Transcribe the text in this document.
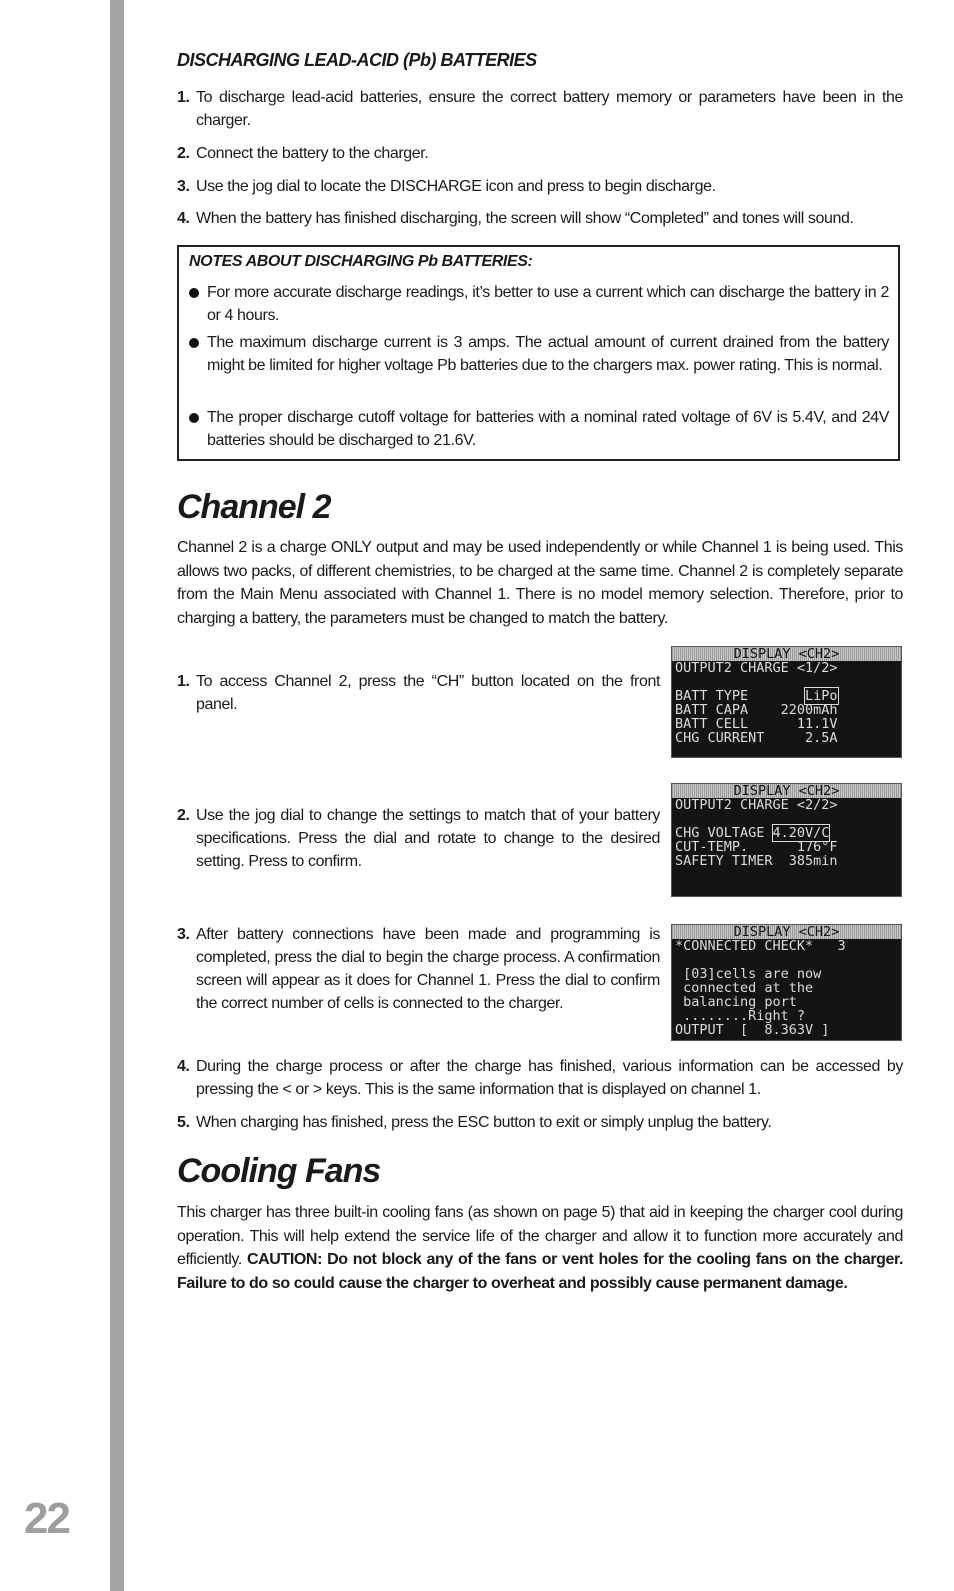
22
DISCHARGING LEAD-ACID (Pb) BATTERIES
1. To discharge lead-acid batteries, ensure the correct battery memory or parameters have been in the charger.
2. Connect the battery to the charger.
3. Use the jog dial to locate the DISCHARGE icon and press to begin discharge.
4. When the battery has finished discharging, the screen will show “Completed” and tones will sound.
NOTES ABOUT DISCHARGING Pb BATTERIES:
For more accurate discharge readings, it’s better to use a current which can discharge the battery in 2 or 4 hours.
The maximum discharge current is 3 amps. The actual amount of current drained from the battery might be limited for higher voltage Pb batteries due to the chargers max. power rating. This is normal.
The proper discharge cutoff voltage for batteries with a nominal rated voltage of 6V is 5.4V, and 24V batteries should be discharged to 21.6V.
Channel 2
Channel 2 is a charge ONLY output and may be used independently or while Channel 1 is being used. This allows two packs, of different chemistries, to be charged at the same time. Channel 2 is completely separate from the Main Menu associated with Channel 1. There is no model memory selection. Therefore, prior to charging a battery, the parameters must be changed to match the battery.
1. To access Channel 2, press the “CH” button located on the front panel.
2. Use the jog dial to change the settings to match that of your battery specifications. Press the dial and rotate to change to the desired setting. Press to confirm.
3. After battery connections have been made and programming is completed, press the dial to begin the charge process. A confirmation screen will appear as it does for Channel 1. Press the dial to confirm the correct number of cells is connected to the charger.
4. During the charge process or after the charge has finished, various information can be accessed by pressing the < or > keys. This is the same information that is displayed on channel 1.
5. When charging has finished, press the ESC button to exit or simply unplug the battery.
DISPLAY <CH2>
OUTPUT2 CHARGE <1/2>
BATT TYPE       LiPo
BATT CAPA    2200mAh
BATT CELL      11.1V
CHG CURRENT     2.5A
DISPLAY <CH2>
OUTPUT2 CHARGE <2/2>
CHG VOLTAGE 4.20V/C
CUT-TEMP.      176°F
SAFETY TIMER  385min
DISPLAY <CH2>
*CONNECTED CHECK*   3
[03]cells are now
connected at the
balancing port
........Right ?
OUTPUT  [  8.363V ]
Cooling Fans
This charger has three built-in cooling fans (as shown on page 5) that aid in keeping the charger cool during operation. This will help extend the service life of the charger and allow it to function more accurately and efficiently. CAUTION: Do not block any of the fans or vent holes for the cooling fans on the charger. Failure to do so could cause the charger to overheat and possibly cause permanent damage.
